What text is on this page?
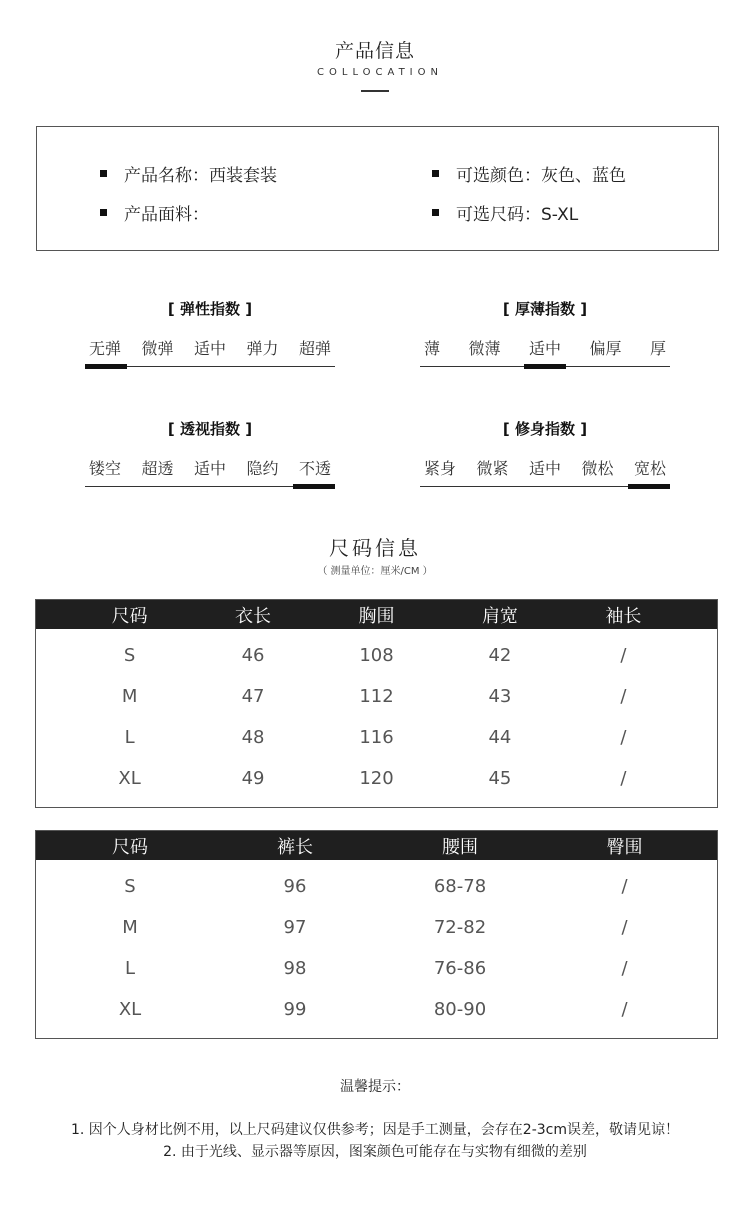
产品信息
COLLOCATION
产品名称：西装套装
产品面料：
可选颜色：灰色、蓝色
可选尺码：S-XL
[ 弹性指数 ]
无弹 微弹 适中 弹力 超弹
[ 厚薄指数 ]
薄 微薄 适中 偏厚 厚
[ 透视指数 ]
镂空 超透 适中 隐约 不透
[ 修身指数 ]
紧身 微紧 适中 微松 宽松
尺码信息
（ 测量单位：厘米/CM ）
尺码	衣长	胸围	肩宽	袖长
S	46	108	42	/
M	47	112	43	/
L	48	116	44	/
XL	49	120	45	/
尺码	裤长	腰围	臀围
S	96	68-78	/
M	97	72-82	/
L	98	76-86	/
XL	99	80-90	/
温馨提示：
1. 因个人身材比例不用，以上尺码建议仅供参考；因是手工测量，会存在2-3cm误差，敬请见谅！
2. 由于光线、显示器等原因，图案颜色可能存在与实物有细微的差别
